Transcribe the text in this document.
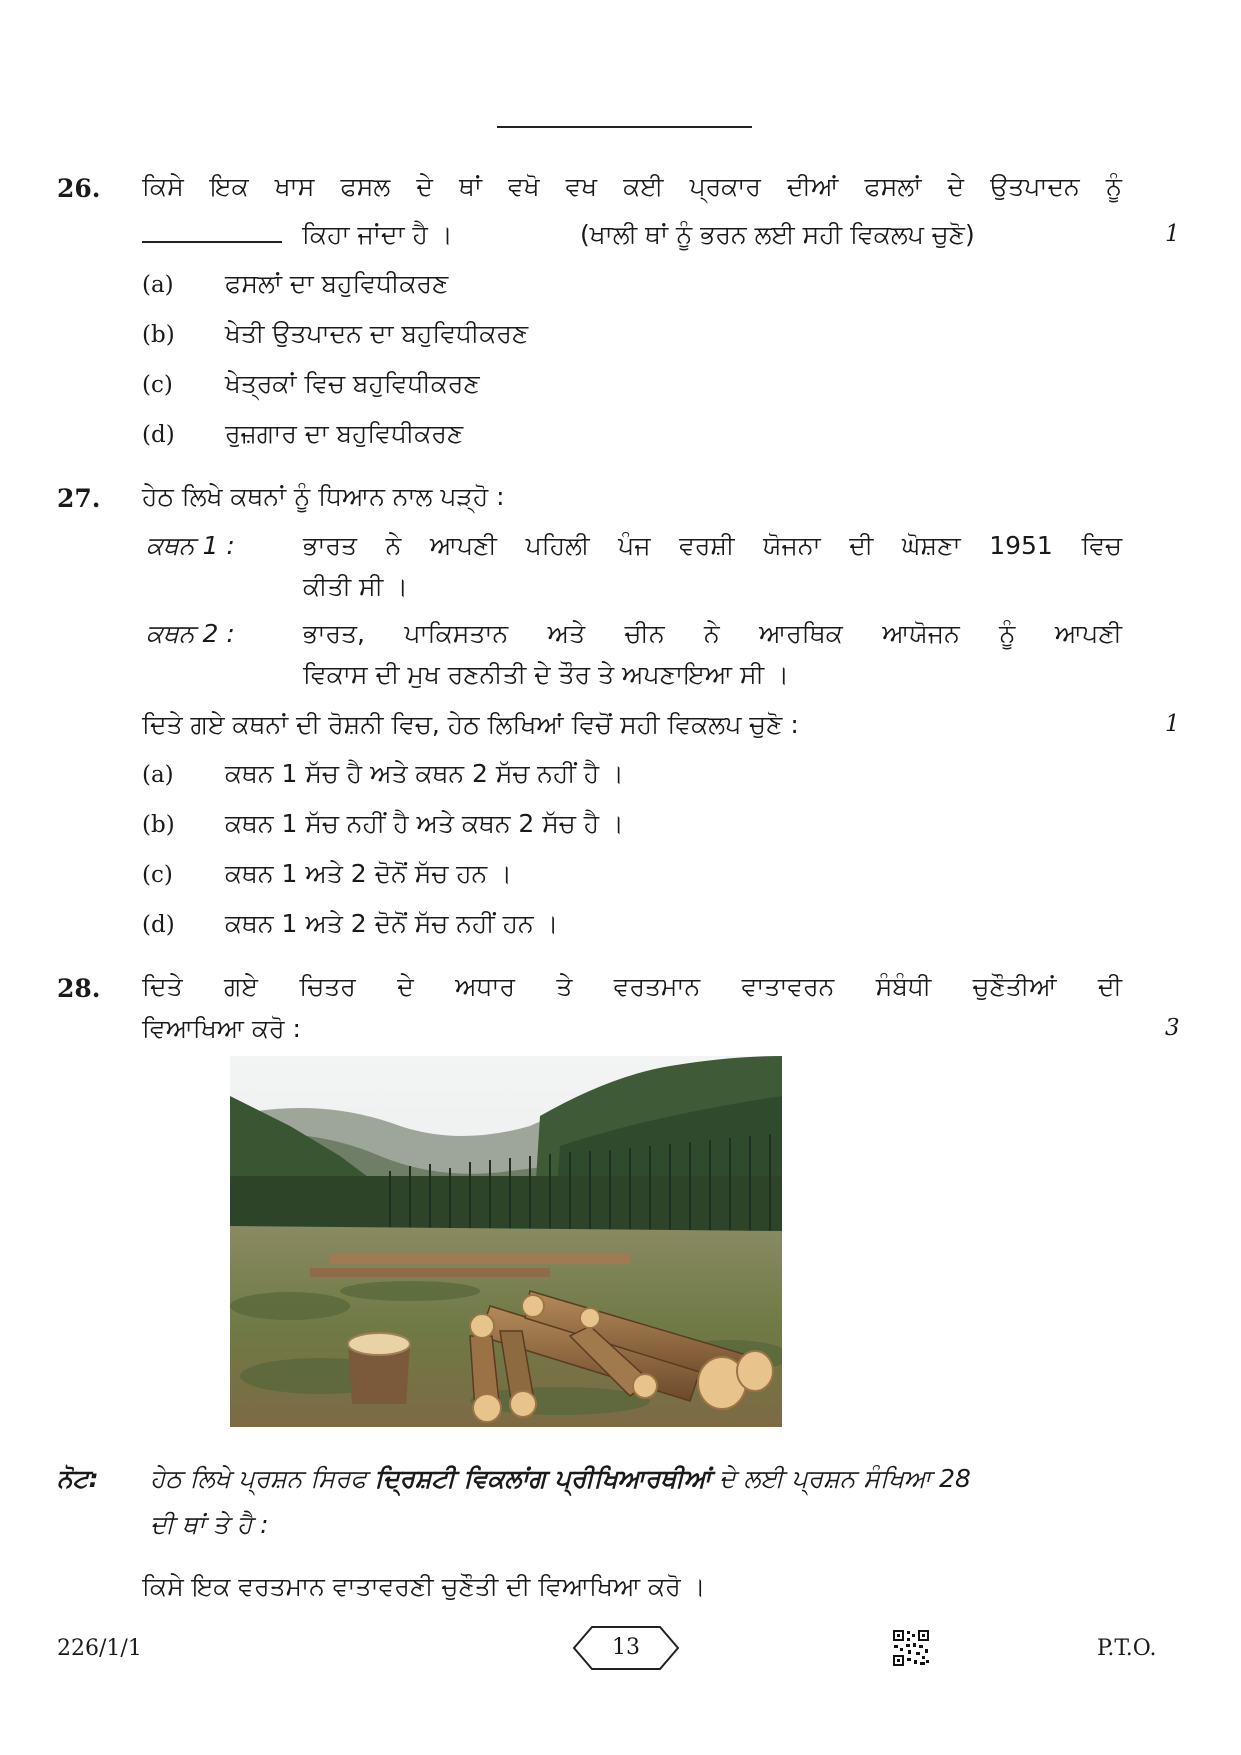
26. ਕਿਸੇ ਇਕ ਖਾਸ ਫਸਲ ਦੇ ਥਾਂ ਵਖੋ ਵਖ ਕਈ ਪ੍ਰਕਾਰ ਦੀਆਂ ਫਸਲਾਂ ਦੇ ਉਤਪਾਦਨ ਨੂੰ
ਕਿਹਾ ਜਾਂਦਾ ਹੈ ।	(ਖਾਲੀ ਥਾਂ ਨੂੰ ਭਰਨ ਲਈ ਸਹੀ ਵਿਕਲਪ ਚੁਣੋ)	1
(a) ਫਸਲਾਂ ਦਾ ਬਹੁਵਿਧੀਕਰਣ
(b) ਖੇਤੀ ਉਤਪਾਦਨ ਦਾ ਬਹੁਵਿਧੀਕਰਣ
(c) ਖੇਤ੍ਰਕਾਂ ਵਿਚ ਬਹੁਵਿਧੀਕਰਣ
(d) ਰੁਜ਼ਗਾਰ ਦਾ ਬਹੁਵਿਧੀਕਰਣ
27. ਹੇਠ ਲਿਖੇ ਕਥਨਾਂ ਨੂੰ ਧਿਆਨ ਨਾਲ ਪੜ੍ਹੋ :
ਕਥਨ 1 :	ਭਾਰਤ ਨੇ ਆਪਣੀ ਪਹਿਲੀ ਪੰਜ ਵਰਸ਼ੀ ਯੋਜਨਾ ਦੀ ਘੋਸ਼ਣਾ 1951 ਵਿਚ
ਕੀਤੀ ਸੀ ।
ਕਥਨ 2 :	ਭਾਰਤ, ਪਾਕਿਸਤਾਨ ਅਤੇ ਚੀਨ ਨੇ ਆਰਥਿਕ ਆਯੋਜਨ ਨੂੰ ਆਪਣੀ
ਵਿਕਾਸ ਦੀ ਮੁਖ ਰਣਨੀਤੀ ਦੇ ਤੌਰ ਤੇ ਅਪਣਾਇਆ ਸੀ ।
ਦਿਤੇ ਗਏ ਕਥਨਾਂ ਦੀ ਰੋਸ਼ਨੀ ਵਿਚ, ਹੇਠ ਲਿਖਿਆਂ ਵਿਚੋਂ ਸਹੀ ਵਿਕਲਪ ਚੁਣੋ :	1
(a) ਕਥਨ 1 ਸੱਚ ਹੈ ਅਤੇ ਕਥਨ 2 ਸੱਚ ਨਹੀਂ ਹੈ ।
(b) ਕਥਨ 1 ਸੱਚ ਨਹੀਂ ਹੈ ਅਤੇ ਕਥਨ 2 ਸੱਚ ਹੈ ।
(c) ਕਥਨ 1 ਅਤੇ 2 ਦੋਨੋਂ ਸੱਚ ਹਨ ।
(d) ਕਥਨ 1 ਅਤੇ 2 ਦੋਨੋਂ ਸੱਚ ਨਹੀਂ ਹਨ ।
28. ਦਿਤੇ ਗਏ ਚਿਤਰ ਦੇ ਅਧਾਰ ਤੇ ਵਰਤਮਾਨ ਵਾਤਾਵਰਨ ਸੰਬੰਧੀ ਚੁਣੌਤੀਆਂ ਦੀ
ਵਿਆਖਿਆ ਕਰੋ :	3
ਨੋਟ: ਹੇਠ ਲਿਖੇ ਪ੍ਰਸ਼ਨ ਸਿਰਫ ਦ੍ਰਿਸ਼ਟੀ ਵਿਕਲਾਂਗ ਪ੍ਰੀਖਿਆਰਥੀਆਂ ਦੇ ਲਈ ਪ੍ਰਸ਼ਨ ਸੰਖਿਆ 28
ਦੀ ਥਾਂ ਤੇ ਹੈ :
ਕਿਸੇ ਇਕ ਵਰਤਮਾਨ ਵਾਤਾਵਰਣੀ ਚੁਣੌਤੀ ਦੀ ਵਿਆਖਿਆ ਕਰੋ ।
226/1/1	13	P.T.O.
